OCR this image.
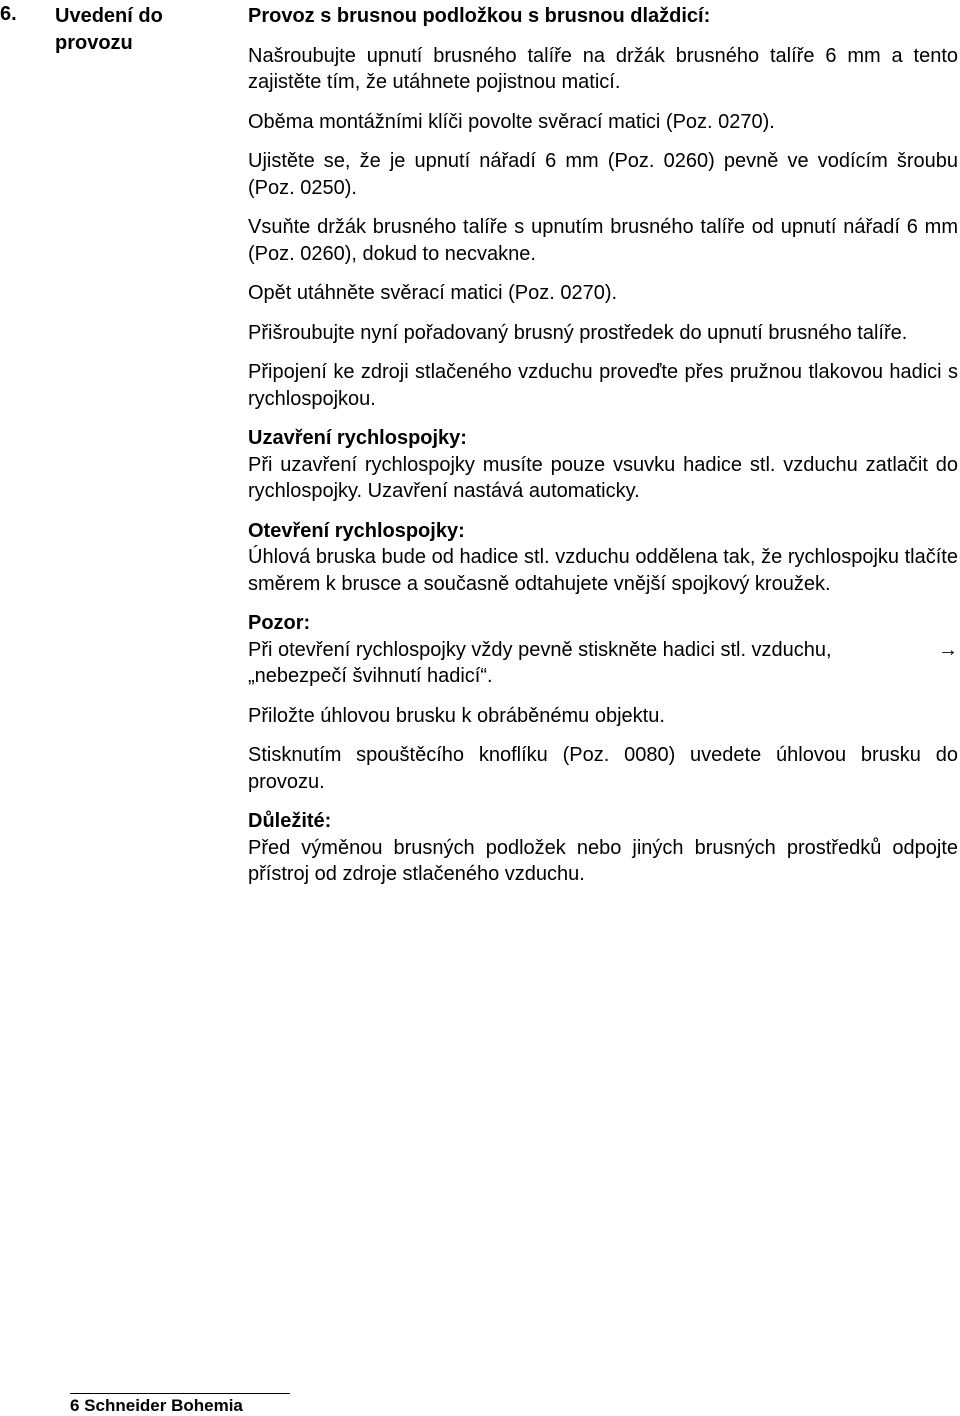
6. Uvedení do
provozu
Provoz s brusnou podložkou s brusnou dlaždicí:
Našroubujte upnutí brusného talíře na držák brusného talíře 6 mm a tento zajistěte tím, že utáhnete pojistnou maticí.
Oběma montážními klíči povolte svěrací matici (Poz. 0270).
Ujistěte se, že je upnutí nářadí 6 mm (Poz. 0260) pevně ve vodícím šroubu (Poz. 0250).
Vsuňte držák brusného talíře s upnutím brusného talíře od upnutí nářadí 6 mm (Poz. 0260), dokud to necvakne.
Opět utáhněte svěrací matici (Poz. 0270).
Přišroubujte nyní pořadovaný brusný prostředek do upnutí brusného talíře.
Připojení ke zdroji stlačeného vzduchu proveďte přes pružnou tlakovou hadici s rychlospojkou.
Uzavření rychlospojky:
Při uzavření rychlospojky musíte pouze vsuvku hadice stl. vzduchu zatlačit do rychlospojky. Uzavření nastává automaticky.
Otevření rychlospojky:
Úhlová bruska bude od hadice stl. vzduchu oddělena tak, že rychlospojku tlačíte směrem k brusce a současně odtahujete vnější spojkový kroužek.
Pozor:
Při otevření rychlospojky vždy pevně stiskněte hadici stl. vzduchu,	→
„nebezpečí švihnutí hadicí“.
Přiložte úhlovou brusku k obráběnému objektu.
Stisknutím spouštěcího knoflíku (Poz. 0080) uvedete úhlovou brusku do provozu.
Důležité:
Před výměnou brusných podložek nebo jiných brusných prostředků odpojte přístroj od zdroje stlačeného vzduchu.
6 Schneider Bohemia
